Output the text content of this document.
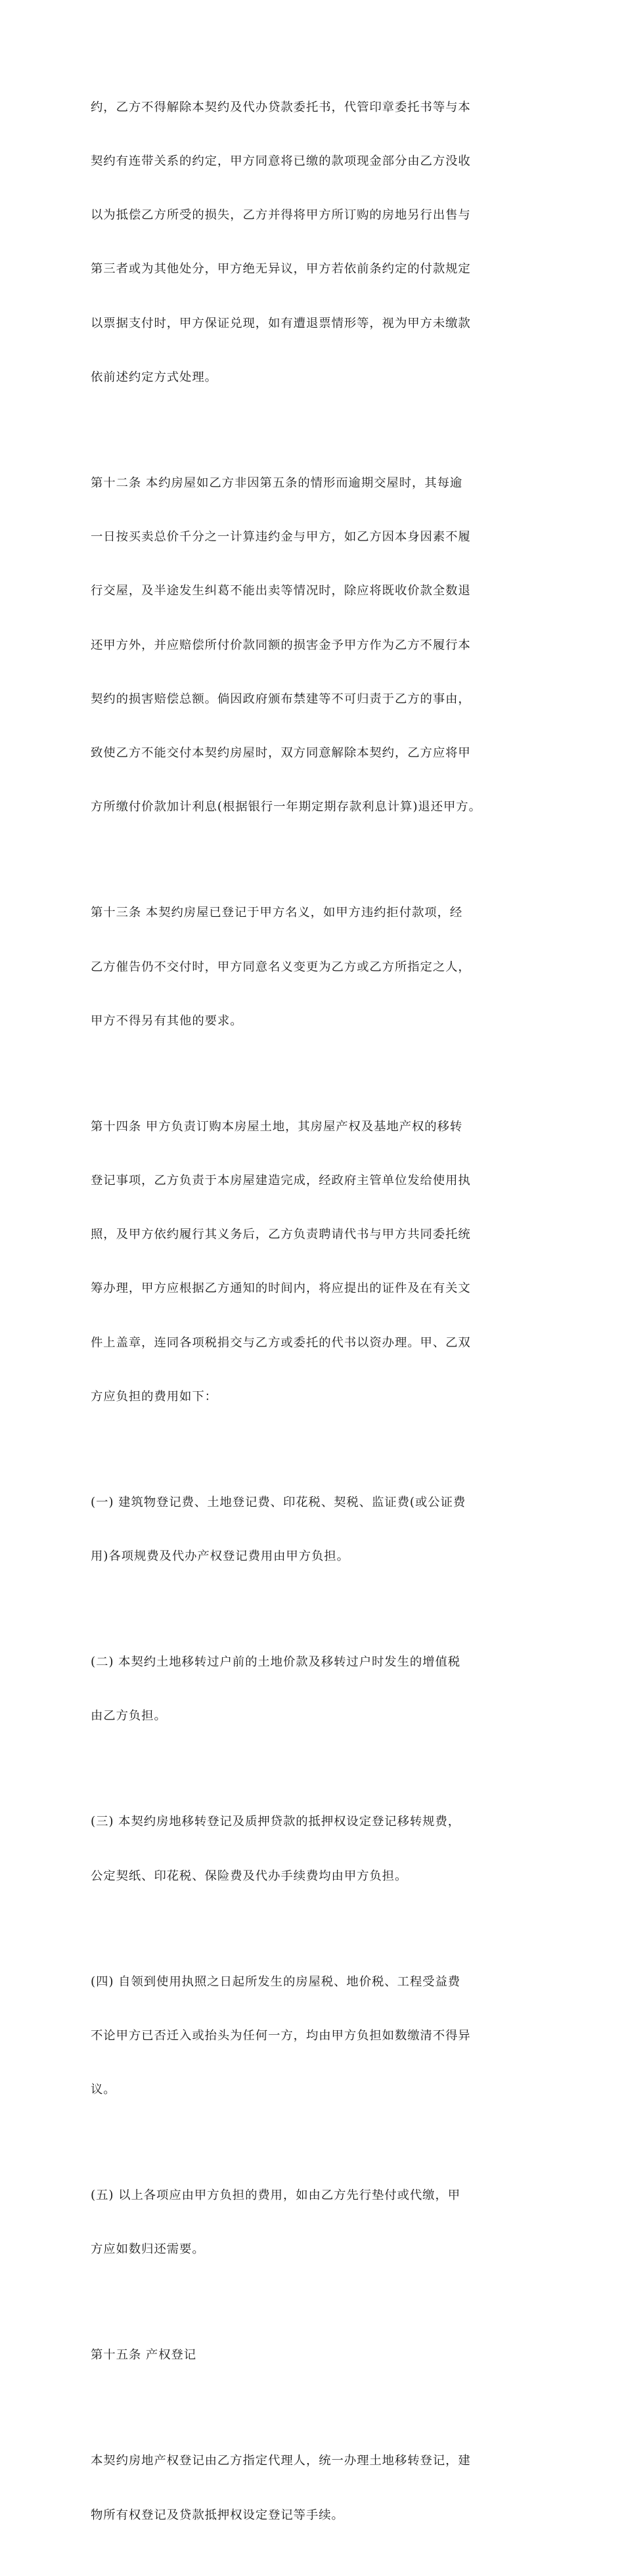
约，乙方不得解除本契约及代办贷款委托书，代管印章委托书等与本

契约有连带关系的约定，甲方同意将已缴的款项现金部分由乙方没收

以为抵偿乙方所受的损失，乙方并得将甲方所订购的房地另行出售与

第三者或为其他处分，甲方绝无异议，甲方若依前条约定的付款规定

以票据支付时，甲方保证兑现，如有遭退票情形等，视为甲方未缴款

依前述约定方式处理。

第十二条 本约房屋如乙方非因第五条的情形而逾期交屋时，其每逾

一日按买卖总价千分之一计算违约金与甲方，如乙方因本身因素不履

行交屋，及半途发生纠葛不能出卖等情况时，除应将既收价款全数退

还甲方外，并应赔偿所付价款同额的损害金予甲方作为乙方不履行本

契约的损害赔偿总额。倘因政府颁布禁建等不可归责于乙方的事由，

致使乙方不能交付本契约房屋时，双方同意解除本契约，乙方应将甲

方所缴付价款加计利息(根据银行一年期定期存款利息计算)退还甲方。

第十三条 本契约房屋已登记于甲方名义，如甲方违约拒付款项，经

乙方催告仍不交付时，甲方同意名义变更为乙方或乙方所指定之人，

甲方不得另有其他的要求。

第十四条 甲方负责订购本房屋土地，其房屋产权及基地产权的移转

登记事项，乙方负责于本房屋建造完成，经政府主管单位发给使用执

照，及甲方依约履行其义务后，乙方负责聘请代书与甲方共同委托统

筹办理，甲方应根据乙方通知的时间内，将应提出的证件及在有关文

件上盖章，连同各项税捐交与乙方或委托的代书以资办理。甲、乙双

方应负担的费用如下：

(一) 建筑物登记费、土地登记费、印花税、契税、监证费(或公证费

用)各项规费及代办产权登记费用由甲方负担。

(二) 本契约土地移转过户前的土地价款及移转过户时发生的增值税

由乙方负担。

(三) 本契约房地移转登记及质押贷款的抵押权设定登记移转规费，

公定契纸、印花税、保险费及代办手续费均由甲方负担。

(四) 自领到使用执照之日起所发生的房屋税、地价税、工程受益费

不论甲方已否迁入或抬头为任何一方，均由甲方负担如数缴清不得异

议。

(五) 以上各项应由甲方负担的费用，如由乙方先行垫付或代缴，甲

方应如数归还需要。

第十五条 产权登记

本契约房地产权登记由乙方指定代理人，统一办理土地移转登记，建

物所有权登记及贷款抵押权设定登记等手续。
